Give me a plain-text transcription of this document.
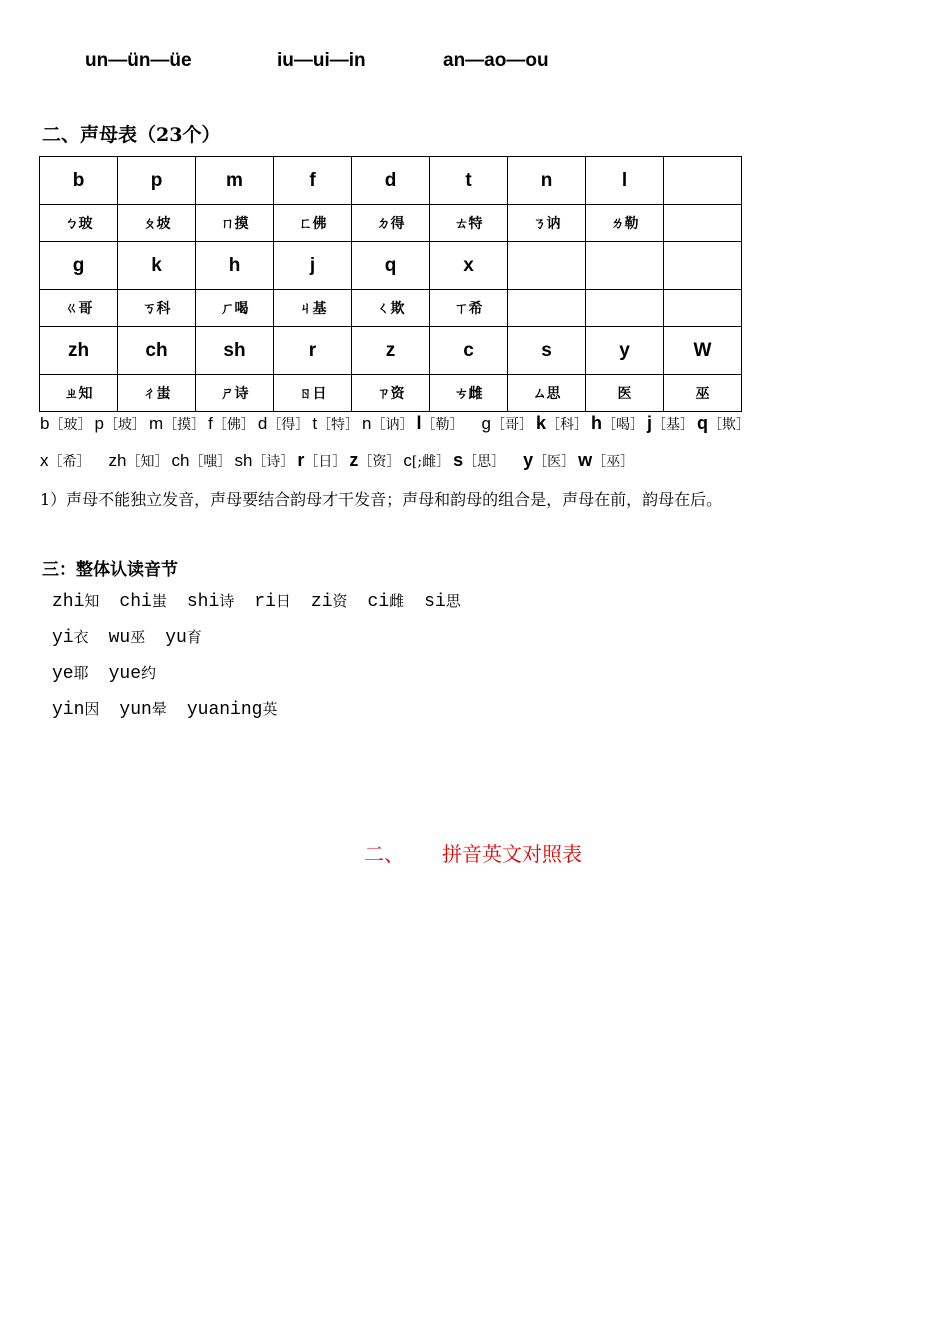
un—ün—üe	iu—ui—in	an—ao—ou
二、声母表（23个）
b	p	m	f	d	t	n	l	
ㄅ玻	ㄆ坡	ㄇ摸	ㄈ佛	ㄉ得	ㄊ特	ㄋ讷	ㄌ勒	
g	k	h	j	q	x			
ㄍ哥	ㄎ科	ㄏ喝	ㄐ基	ㄑ欺	ㄒ希			
zh	ch	sh	r	z	c	s	y	W
ㄓ知	ㄔ蚩	ㄕ诗	ㄖ日	ㄗ资	ㄘ雌	ㄙ思	医	巫
b［玻］ p［坡］ m［摸］ f［佛］ d［得］ t［特］ n［讷］ l［勒］ g［哥］ k［科］ h［喝］ j［基］ q［欺］
x［希］ zh［知］ ch［嗤］ sh［诗］ r［日］ z［资］ c[;雌］ s［思］ y［医］ w［巫］
1）声母不能独立发音，声母要结合韵母才干发音；声母和韵母的组合是，声母在前，韵母在后。
三：整体认读音节
zhi知 chi蚩 shi诗 ri日 zi资 ci雌 si思
yi衣 wu巫 yu育
ye耶 yue约
yin因 yun晕 yuaning英
二、 拼音英文对照表
